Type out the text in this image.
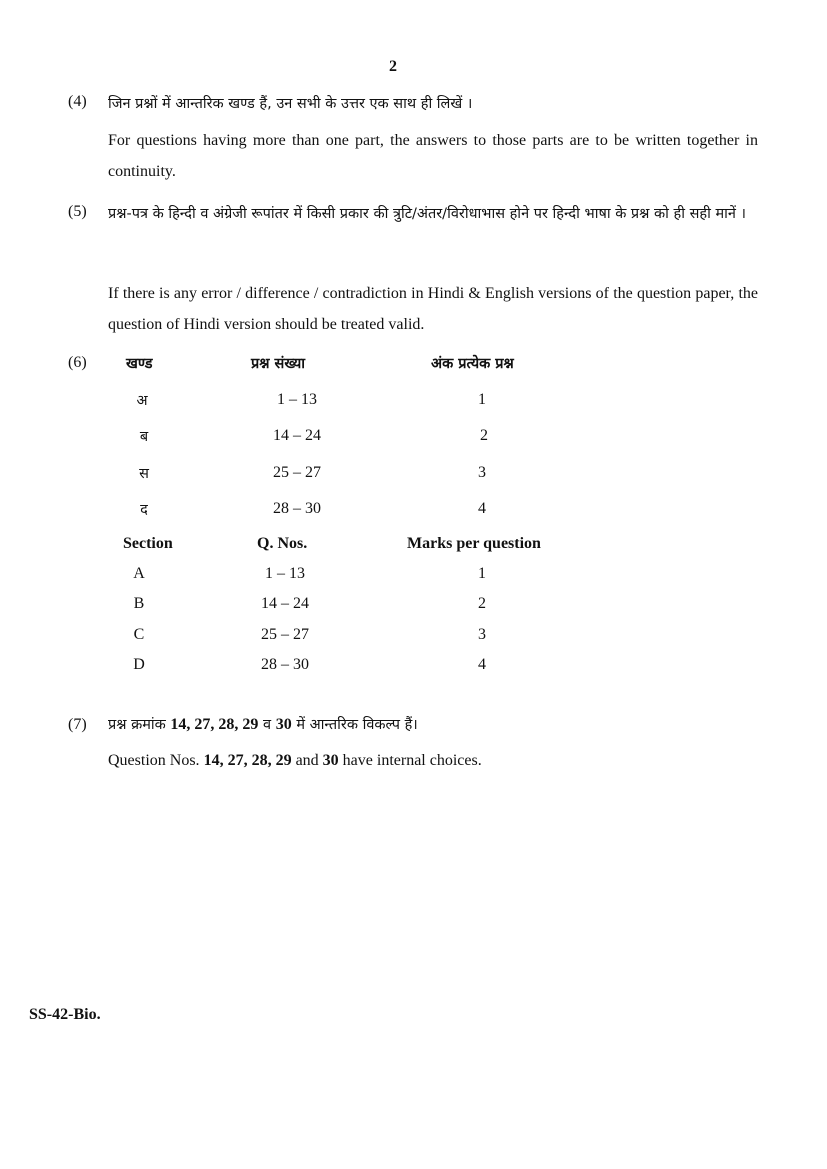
2
(4)	जिन प्रश्नों में आन्तरिक खण्ड हैं, उन सभी के उत्तर एक साथ ही लिखें ।
For questions having more than one part, the answers to those parts are to be written together in continuity.
(5)	प्रश्न-पत्र के हिन्दी व अंग्रेजी रूपांतर में किसी प्रकार की त्रुटि/अंतर/विरोधाभास होने पर हिन्दी भाषा के प्रश्न को ही सही मानें ।
If there is any error / difference / contradiction in Hindi & English versions of the question paper, the question of Hindi version should be treated valid.
(6)	खण्ड	प्रश्न संख्या	अंक प्रत्येक प्रश्न
अ	1 – 13	1
ब	14 – 24	2
स	25 – 27	3
द	28 – 30	4
Section	Q. Nos.	Marks per question
A	1 – 13	1
B	14 – 24	2
C	25 – 27	3
D	28 – 30	4
(7)	प्रश्न क्रमांक 14, 27, 28, 29 व 30 में आन्तरिक विकल्प हैं।
Question Nos. 14, 27, 28, 29 and 30 have internal choices.
SS-42-Bio.
